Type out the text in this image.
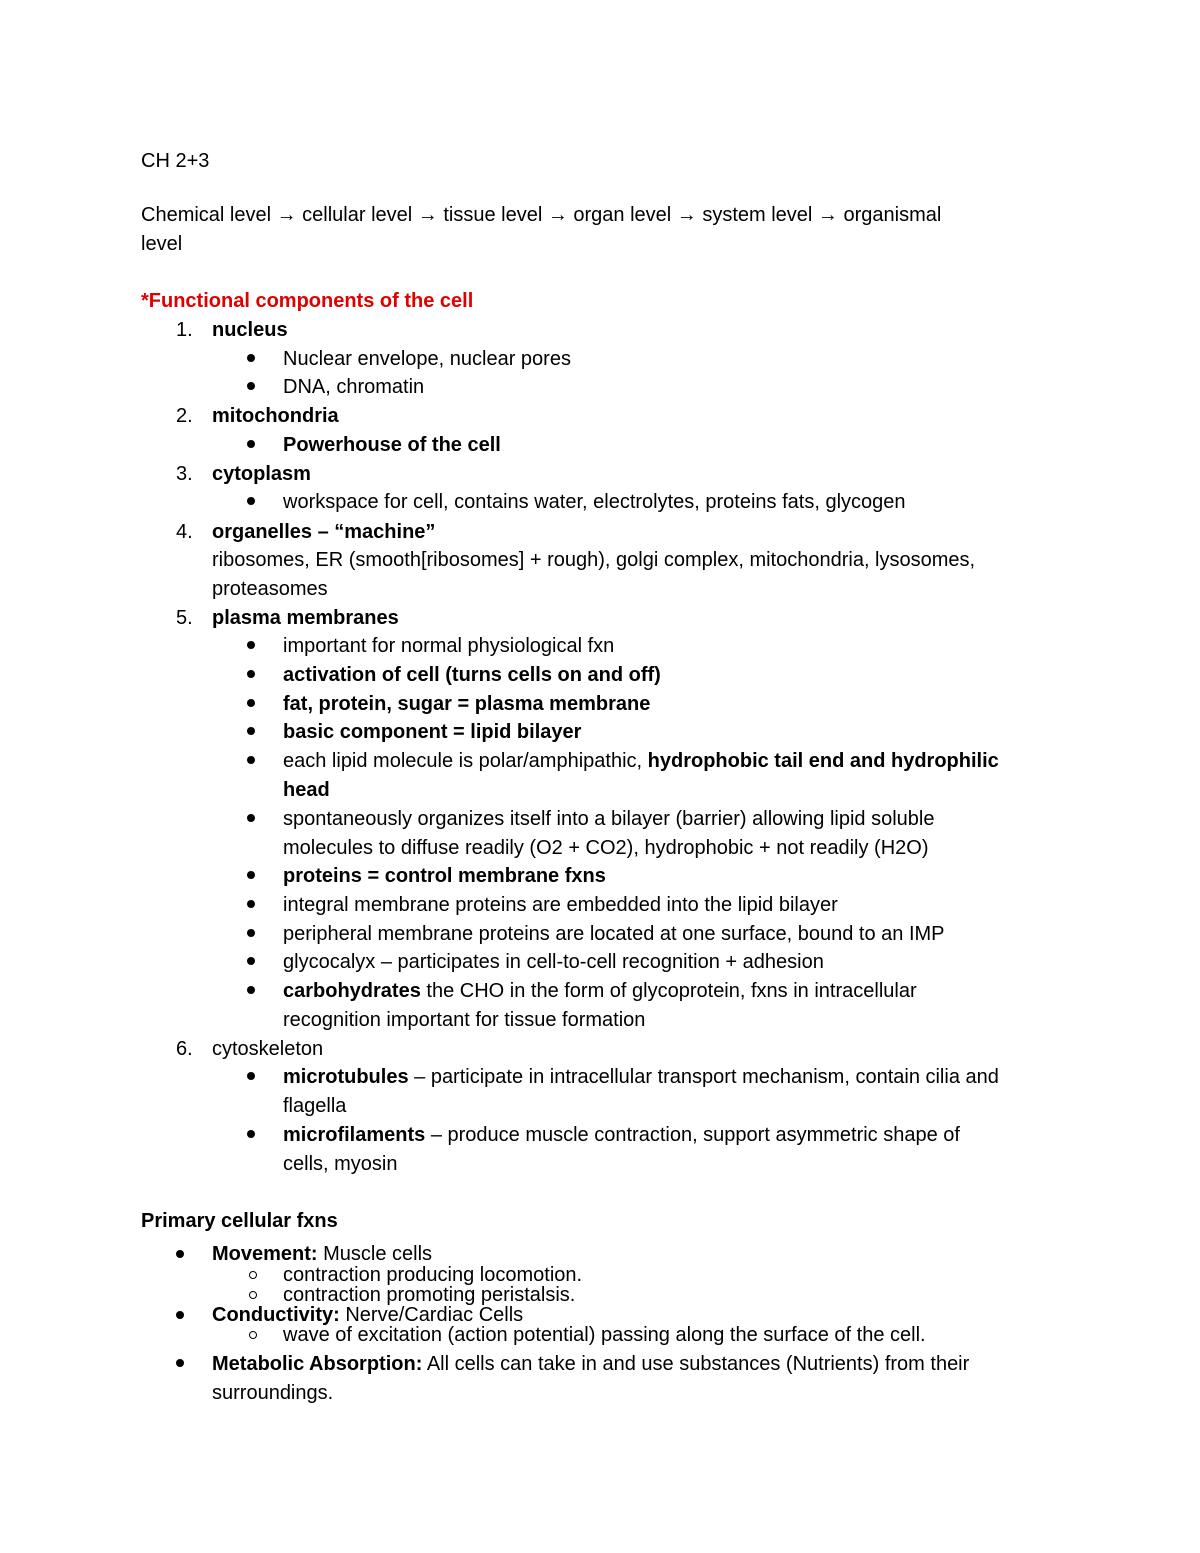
CH 2+3
Chemical level → cellular level → tissue level → organ level → system level → organismal
level
*Functional components of the cell
1. nucleus
Nuclear envelope, nuclear pores
DNA, chromatin
2. mitochondria
Powerhouse of the cell
3. cytoplasm
workspace for cell, contains water, electrolytes, proteins fats, glycogen
4. organelles – “machine”
ribosomes, ER (smooth[ribosomes] + rough), golgi complex, mitochondria, lysosomes,
proteasomes
5. plasma membranes
important for normal physiological fxn
activation of cell (turns cells on and off)
fat, protein, sugar = plasma membrane
basic component = lipid bilayer
each lipid molecule is polar/amphipathic, hydrophobic tail end and hydrophilic
head
spontaneously organizes itself into a bilayer (barrier) allowing lipid soluble
molecules to diffuse readily (O2 + CO2), hydrophobic + not readily (H2O)
proteins = control membrane fxns
integral membrane proteins are embedded into the lipid bilayer
peripheral membrane proteins are located at one surface, bound to an IMP
glycocalyx – participates in cell-to-cell recognition + adhesion
carbohydrates the CHO in the form of glycoprotein, fxns in intracellular
recognition important for tissue formation
6. cytoskeleton
microtubules – participate in intracellular transport mechanism, contain cilia and
flagella
microfilaments – produce muscle contraction, support asymmetric shape of
cells, myosin
Primary cellular fxns
Movement: Muscle cells
contraction producing locomotion.
contraction promoting peristalsis.
Conductivity: Nerve/Cardiac Cells
wave of excitation (action potential) passing along the surface of the cell.
Metabolic Absorption: All cells can take in and use substances (Nutrients) from their
surroundings.
